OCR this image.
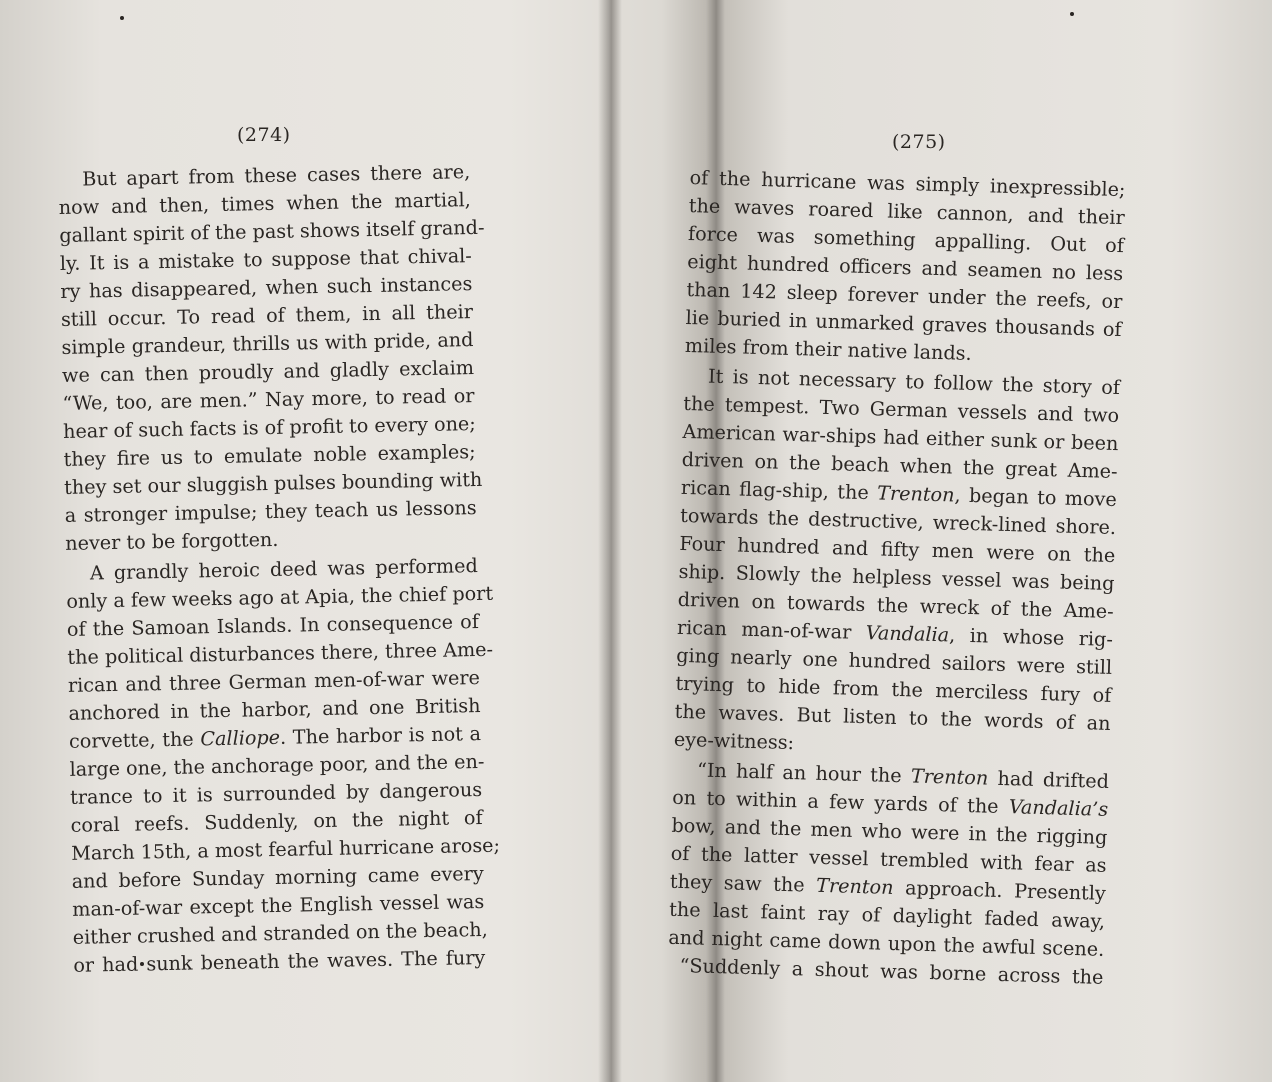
(274)
But apart from these cases there are,
now and then, times when the martial,
gallant spirit of the past shows itself grand-
ly. It is a mistake to suppose that chival-
ry has disappeared, when such instances
still occur. To read of them, in all their
simple grandeur, thrills us with pride, and
we can then proudly and gladly exclaim
“We, too, are men.” Nay more, to read or
hear of such facts is of profit to every one;
they fire us to emulate noble examples;
they set our sluggish pulses bounding with
a stronger impulse; they teach us lessons
never to be forgotten.
A grandly heroic deed was performed
only a few weeks ago at Apia, the chief port
of the Samoan Islands. In consequence of
the political disturbances there, three Ame-
rican and three German men-of-war were
anchored in the harbor, and one British
corvette, the Calliope. The harbor is not a
large one, the anchorage poor, and the en-
trance to it is surrounded by dangerous
coral reefs. Suddenly, on the night of
March 15th, a most fearful hurricane arose;
and before Sunday morning came every
man-of-war except the English vessel was
either crushed and stranded on the beach,
or had sunk beneath the waves. The fury
(275)
of the hurricane was simply inexpressible;
the waves roared like cannon, and their
force was something appalling. Out of
eight hundred officers and seamen no less
than 142 sleep forever under the reefs, or
lie buried in unmarked graves thousands of
miles from their native lands.
It is not necessary to follow the story of
the tempest. Two German vessels and two
American war-ships had either sunk or been
driven on the beach when the great Ame-
rican flag-ship, the Trenton, began to move
towards the destructive, wreck-lined shore.
Four hundred and fifty men were on the
ship. Slowly the helpless vessel was being
driven on towards the wreck of the Ame-
rican man-of-war Vandalia, in whose rig-
ging nearly one hundred sailors were still
trying to hide from the merciless fury of
the waves. But listen to the words of an
eye-witness:
“In half an hour the Trenton had drifted
on to within a few yards of the Vandalia’s
bow, and the men who were in the rigging
of the latter vessel trembled with fear as
they saw the Trenton approach. Presently
the last faint ray of daylight faded away,
and night came down upon the awful scene.
“Suddenly a shout was borne across the
